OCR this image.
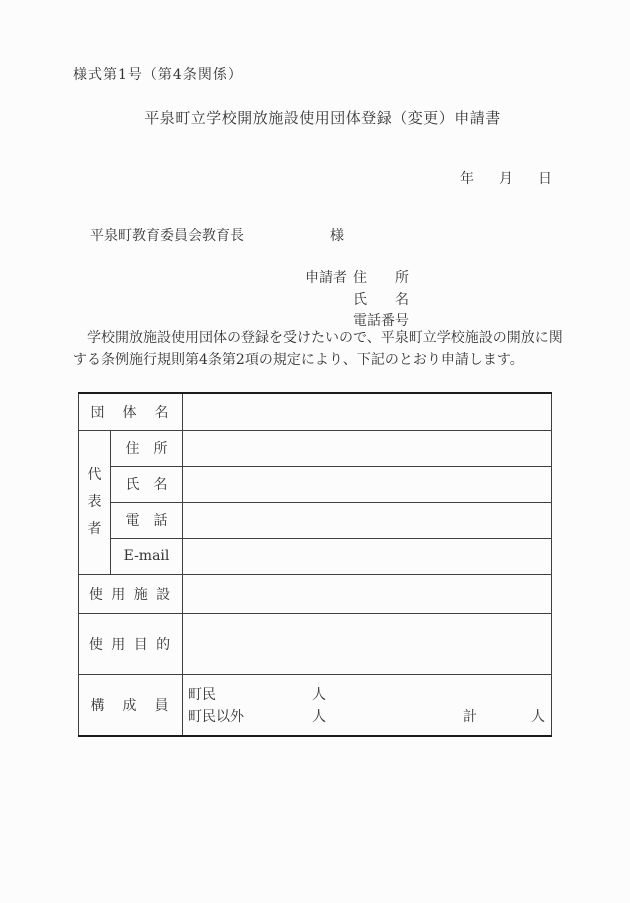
様式第1号（第4条関係）
平泉町立学校開放施設使用団体登録（変更）申請書
年 月 日
平泉町教育委員会教育長	様
申請者 住　　所
氏　　名
電話番号
　学校開放施設使用団体の登録を受けたいので、平泉町立学校施設の開放に関
する条例施行規則第4条第2項の規定により、下記のとおり申請します。
団　体　名		
代表者	住　所	
	氏　名	
	電　話	
	E-mail	
使 用 施 設		
使 用 目 的		
構　成　員	
町民	人
町民以外	人	計	人
